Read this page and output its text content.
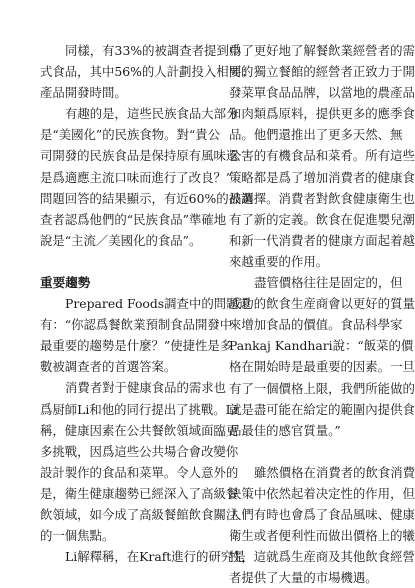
同樣，有33%的被調查者提到中
式食品，其中56%的人計劃投入相同的
產品開發時間。
有趣的是，這些民族食品大部分
是“美國化”的民族食物。對“貴公
司開發的民族食品是保持原有風味還
是爲適應主流口味而進行了改良？”
問題回答的結果顯示，有近60%的被調
查者認爲他們的“民族食品”準確地
說是“主流／美國化的食品”。
重要趨勢
Prepared Foods調查中的問題還
有：“你認爲餐飲業預制食品開發中
最重要的趨勢是什麼？”使捷性是多
數被調查者的首選答案。
消費者對于健康食品的需求也
爲厨師Li和他的同行提出了挑戰。Li
稱，健康因素在公共餐飲領域面臨更
多挑戰，因爲這些公共場合會改變你
設計製作的食品和菜單。令人意外的
是，衛生健康趨勢已經深入了高級餐
飲領域，如今成了高級餐館飲食關注
的一個焦點。
Li解釋稱，在Kraft進行的研究是
爲了更好地了解餐飲業經營者的需
要；獨立餐館的經營者正致力于開
發菜單食品品牌，以當地的農產品
和肉類爲原料，提供更多的應季食
品。他們還推出了更多天然、無
公害的有機食品和菜肴。所有這些
策略都是爲了增加消費者的健康食
品選擇。消費者對飲食健康衛生也
有了新的定義。飲食在促進嬰兒潮
和新一代消費者的健康方面起着越
來越重要的作用。
盡管價格往往是固定的，但
成功的飲食生産商會以更好的質量
來增加食品的價值。食品科學家
Pankaj Kandhari說：“飯菜的價
格在開始時是最重要的因素。一旦
有了一個價格上限，我們所能做的
就是盡可能在給定的範圍內提供食
品最佳的感官質量。”
雖然價格在消費者的飲食消費
決策中依然起着决定性的作用，但
人們有時也會爲了食品風味、健康
衛生或者便利性而做出價格上的犧
牲，這就爲生産商及其他飲食經營
者提供了大量的市場機遇。
